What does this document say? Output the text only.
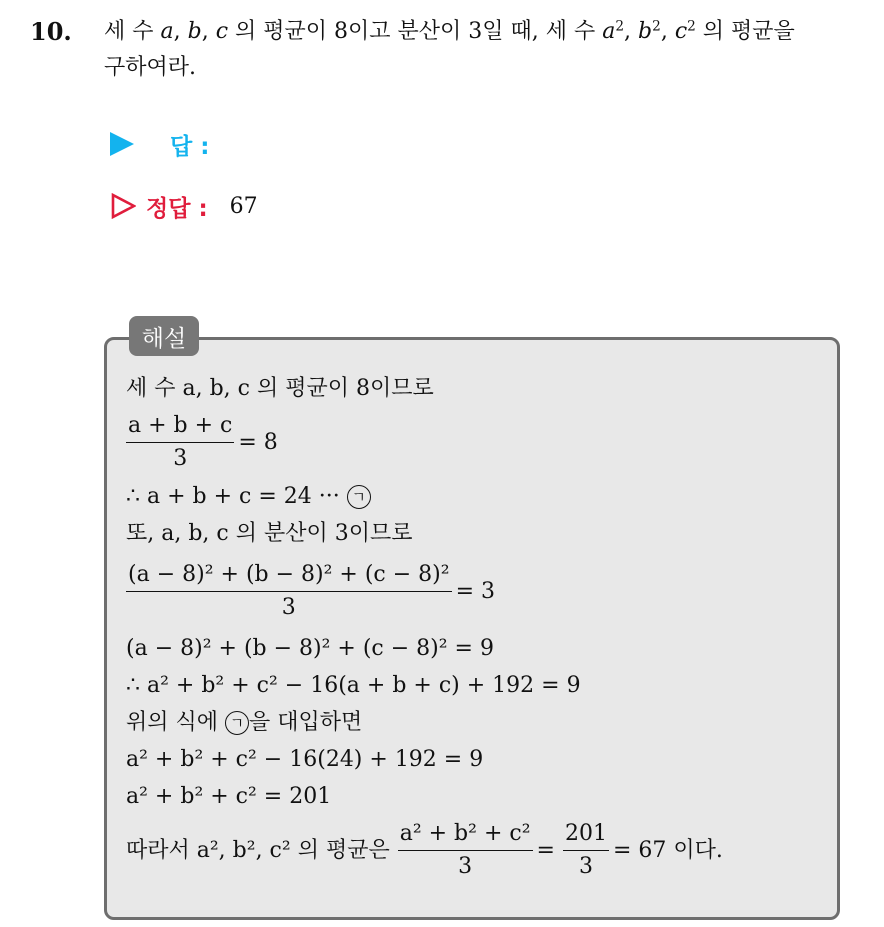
10. 세 수 a, b, c 의 평균이 8이고 분산이 3일 때, 세 수 $a^2$, $b^2$, $c^2$ 의 평균을
구하여라.
답 :
정답 : 67
해설
세 수 a, b, c 의 평균이 8이므로
$\frac{a + b + c}{3} = 8$
∴ a + b + c = 24 ··· ㄱ
또, a, b, c 의 분산이 3이므로
$\frac{\text{(a − 8)² + (b − 8)² + (c − 8)²}}{3} = 3$
(a − 8)² + (b − 8)² + (c − 8)² = 9
∴ a² + b² + c² − 16(a + b + c) + 192 = 9
위의 식에 ㄱ 을 대입하면
a² + b² + c² − 16(24) + 192 = 9
a² + b² + c² = 201
따라서 a², b², c² 의 평균은 $\frac{\text{a² + b² + c²}}{3} = \frac{201}{3} = 67$ 이다.
